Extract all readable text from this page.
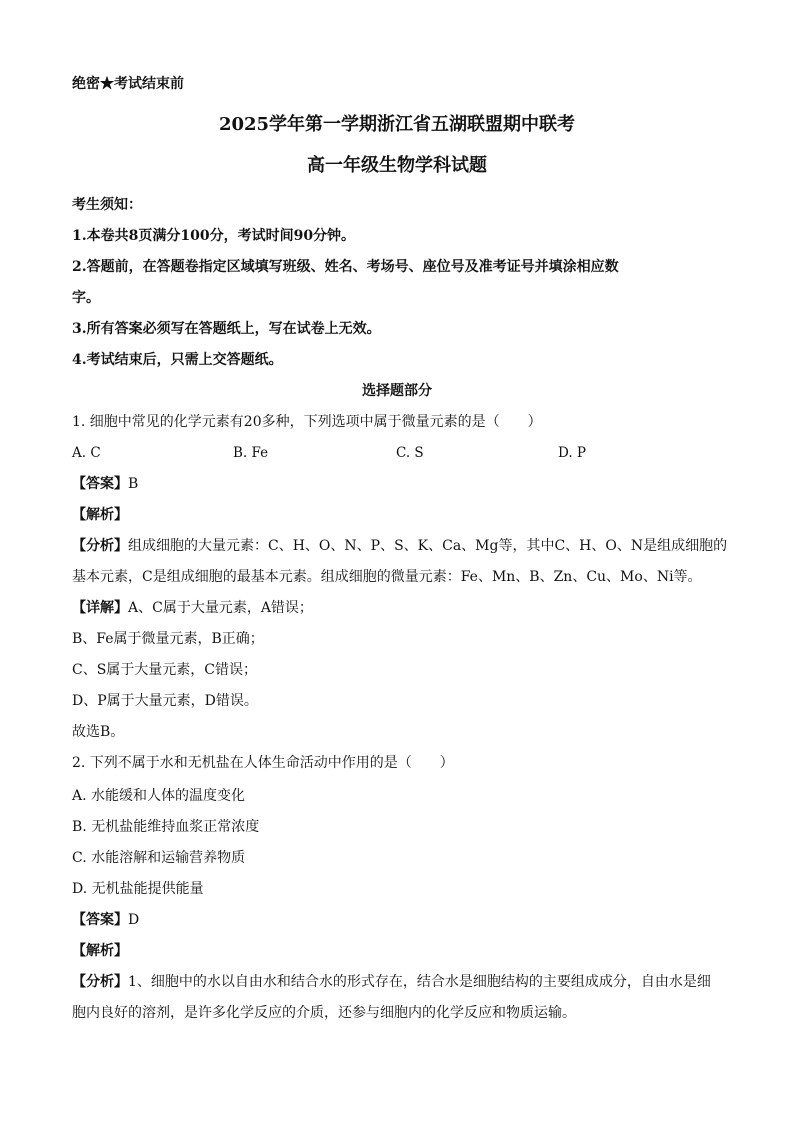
绝密★考试结束前
2025学年第一学期浙江省五湖联盟期中联考
高一年级生物学科试题
考生须知：
1.本卷共8页满分100分，考试时间90分钟。
2.答题前，在答题卷指定区域填写班级、姓名、考场号、座位号及准考证号并填涂相应数
字。
3.所有答案必须写在答题纸上，写在试卷上无效。
4.考试结束后，只需上交答题纸。
选择题部分
1. 细胞中常见的化学元素有20多种，下列选项中属于微量元素的是（　　）
A. C	B. Fe	C. S	D. P
【答案】B
【解析】
【分析】组成细胞的大量元素：C、H、O、N、P、S、K、Ca、Mg等，其中C、H、O、N是组成细胞的
基本元素，C是组成细胞的最基本元素。组成细胞的微量元素：Fe、Mn、B、Zn、Cu、Mo、Ni等。
【详解】A、C属于大量元素，A错误；
B、Fe属于微量元素，B正确；
C、S属于大量元素，C错误；
D、P属于大量元素，D错误。
故选B。
2. 下列不属于水和无机盐在人体生命活动中作用的是（　　）
A. 水能缓和人体的温度变化
B. 无机盐能维持血浆正常浓度
C. 水能溶解和运输营养物质
D. 无机盐能提供能量
【答案】D
【解析】
【分析】1、细胞中的水以自由水和结合水的形式存在，结合水是细胞结构的主要组成成分，自由水是细
胞内良好的溶剂，是许多化学反应的介质，还参与细胞内的化学反应和物质运输。
